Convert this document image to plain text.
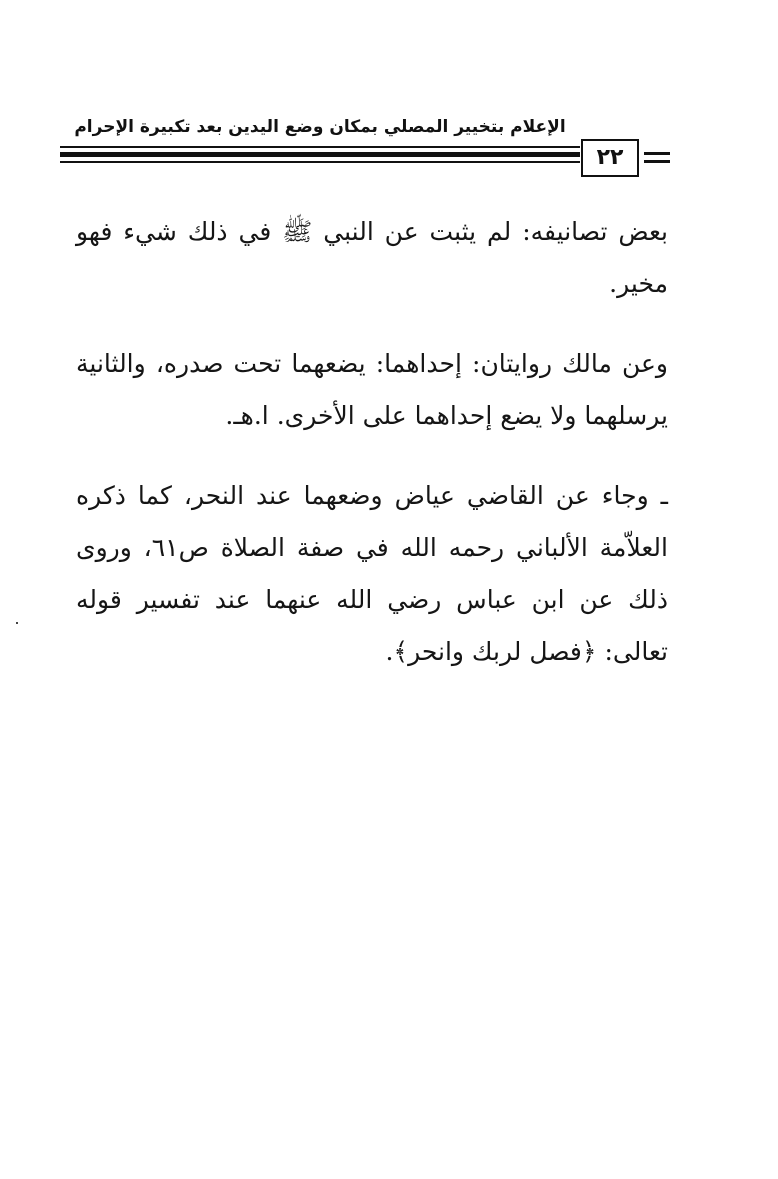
الإعلام بتخيير المصلي بمكان وضع اليدين بعد تكبيرة الإحرام
٢٢

بعض تصانيفه: لم يثبت عن النبي ﷺ في ذلك شيء فهو مخير.

وعن مالك روايتان: إحداهما: يضعهما تحت صدره، والثانية يرسلهما ولا يضع إحداهما على الأخرى. ا.هـ.

ـ وجاء عن القاضي عياض وضعهما عند النحر، كما ذكره العلاّمة الألباني رحمه الله في صفة الصلاة ص٦١، وروى ذلك عن ابن عباس رضي الله عنهما عند تفسير قوله تعالى: ﴿فصل لربك وانحر﴾.
